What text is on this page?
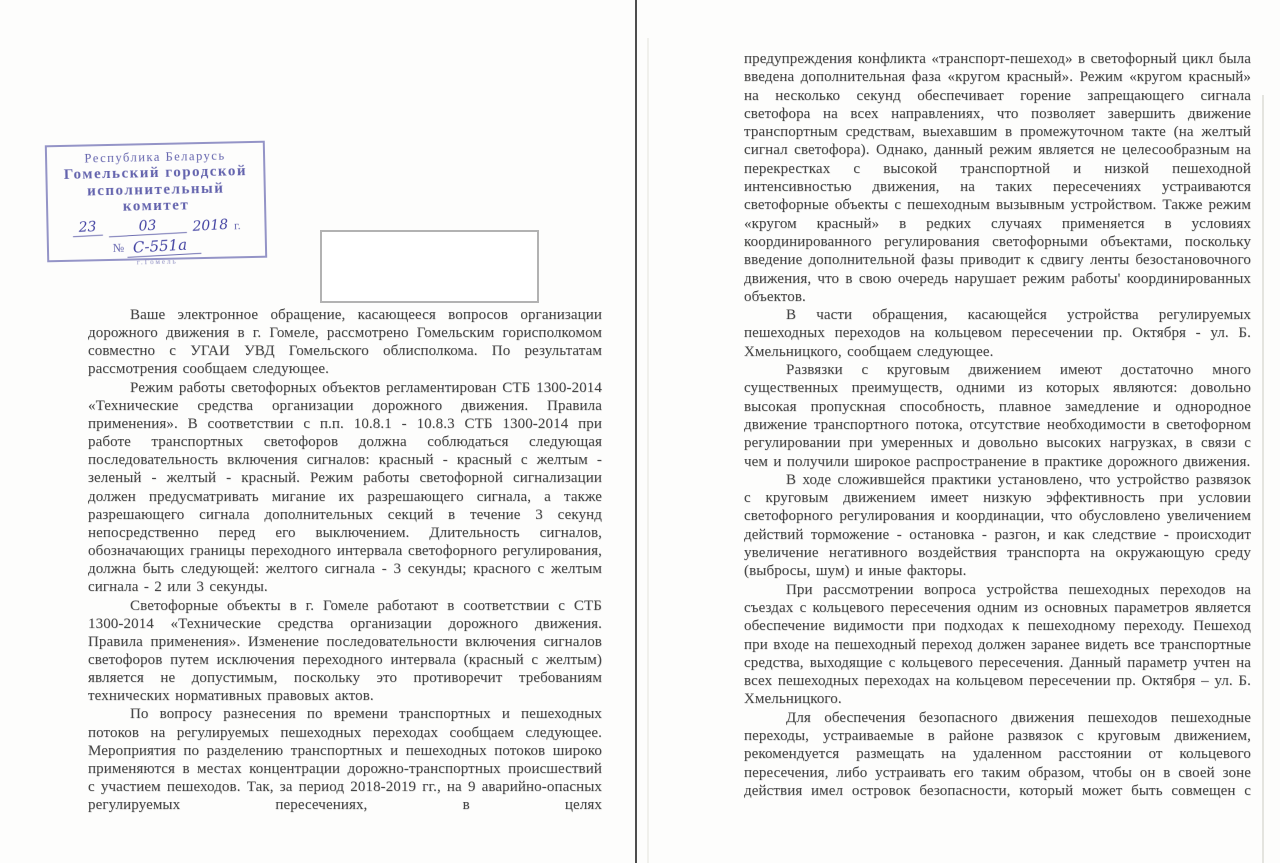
Республика Беларусь
Гомельский городской
исполнительный
комитет
23	03	2018 г.
№ С-551а
г.Гомель

Ваше электронное обращение, касающееся вопросов организации дорожного движения в г. Гомеле, рассмотрено Гомельским горисполкомом совместно с УГАИ УВД Гомельского облисполкома. По результатам рассмотрения сообщаем следующее.

Режим работы светофорных объектов регламентирован СТБ 1300-2014 «Технические средства организации дорожного движения. Правила применения». В соответствии с п.п. 10.8.1 - 10.8.3 СТБ 1300-2014 при работе транспортных светофоров должна соблюдаться следующая последовательность включения сигналов: красный - красный с желтым - зеленый - желтый - красный. Режим работы светофорной сигнализации должен предусматривать мигание их разрешающего сигнала, а также разрешающего сигнала дополнительных секций в течение 3 секунд непосредственно перед его выключением. Длительность сигналов, обозначающих границы переходного интервала светофорного регулирования, должна быть следующей: желтого сигнала - 3 секунды; красного с желтым сигнала - 2 или 3 секунды.

Светофорные объекты в г. Гомеле работают в соответствии с СТБ 1300-2014 «Технические средства организации дорожного движения. Правила применения». Изменение последовательности включения сигналов светофоров путем исключения переходного интервала (красный с желтым) является не допустимым, поскольку это противоречит требованиям технических нормативных правовых актов.

По вопросу разнесения по времени транспортных и пешеходных потоков на регулируемых пешеходных переходах сообщаем следующее. Мероприятия по разделению транспортных и пешеходных потоков широко применяются в местах концентрации дорожно-транспортных происшествий с участием пешеходов. Так, за период 2018-2019 гг., на 9 аварийно-опасных регулируемых пересечениях, в целях

предупреждения конфликта «транспорт-пешеход» в светофорный цикл была введена дополнительная фаза «кругом красный». Режим «кругом красный» на несколько секунд обеспечивает горение запрещающего сигнала светофора на всех направлениях, что позволяет завершить движение транспортным средствам, выехавшим в промежуточном такте (на желтый сигнал светофора). Однако, данный режим является не целесообразным на перекрестках с высокой транспортной и низкой пешеходной интенсивностью движения, на таких пересечениях устраиваются светофорные объекты с пешеходным вызывным устройством. Также режим «кругом красный» в редких случаях применяется в условиях координированного регулирования светофорными объектами, поскольку введение дополнительной фазы приводит к сдвигу ленты безостановочного движения, что в свою очередь нарушает режим работы' координированных объектов.

В части обращения, касающейся устройства регулируемых пешеходных переходов на кольцевом пересечении пр. Октября - ул. Б. Хмельницкого, сообщаем следующее.

Развязки с круговым движением имеют достаточно много существенных преимуществ, одними из которых являются: довольно высокая пропускная способность, плавное замедление и однородное движение транспортного потока, отсутствие необходимости в светофорном регулировании при умеренных и довольно высоких нагрузках, в связи с чем и получили широкое распространение в практике дорожного движения.

В ходе сложившейся практики установлено, что устройство развязок с круговым движением имеет низкую эффективность при условии светофорного регулирования и координации, что обусловлено увеличением действий торможение - остановка - разгон, и как следствие - происходит увеличение негативного воздействия транспорта на окружающую среду (выбросы, шум) и иные факторы.

При рассмотрении вопроса устройства пешеходных переходов на съездах с кольцевого пересечения одним из основных параметров является обеспечение видимости при подходах к пешеходному переходу. Пешеход при входе на пешеходный переход должен заранее видеть все транспортные средства, выходящие с кольцевого пересечения. Данный параметр учтен на всех пешеходных переходах на кольцевом пересечении пр. Октября – ул. Б. Хмельницкого.

Для обеспечения безопасного движения пешеходов пешеходные переходы, устраиваемые в районе развязок с круговым движением, рекомендуется размещать на удаленном расстоянии от кольцевого пересечения, либо устраивать его таким образом, чтобы он в своей зоне действия имел островок безопасности, который может быть совмещен с
